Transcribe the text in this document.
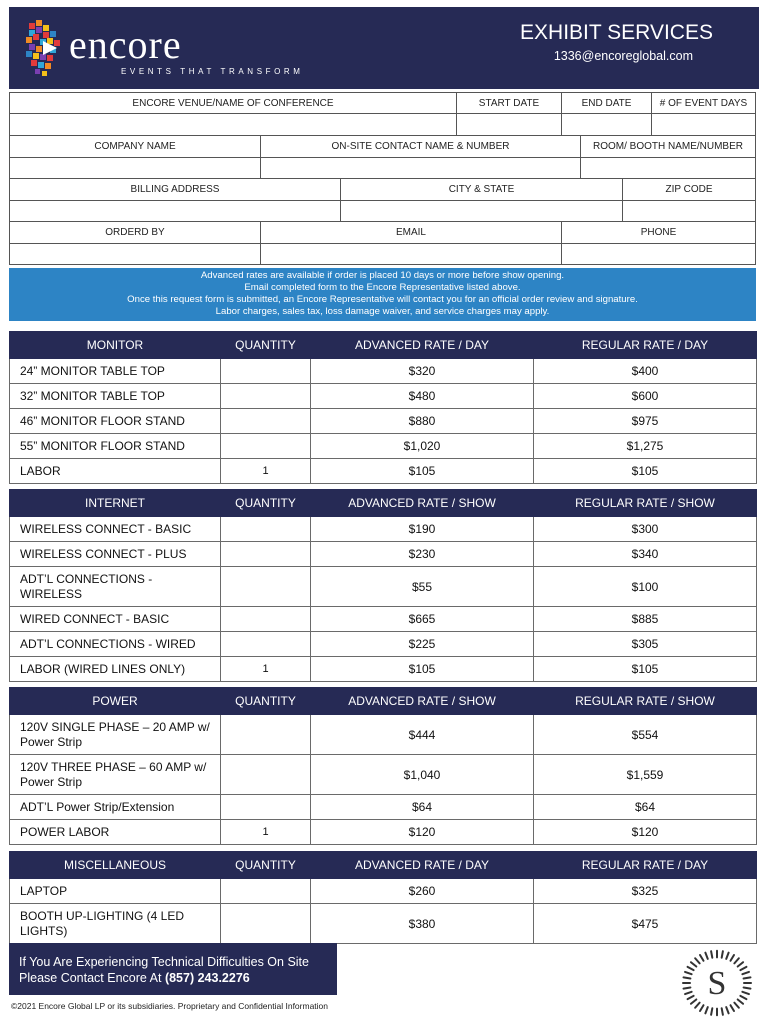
encore
EVENTS THAT TRANSFORM
EXHIBIT SERVICES
1336@encoreglobal.com
ENCORE VENUE/NAME OF CONFERENCE	START DATE	END DATE	# OF EVENT DAYS
COMPANY NAME	ON-SITE CONTACT NAME & NUMBER	ROOM/ BOOTH NAME/NUMBER
BILLING ADDRESS	CITY & STATE	ZIP CODE
ORDERD BY	EMAIL	PHONE
Advanced rates are available if order is placed 10 days or more before show opening.
Email completed form to the Encore Representative listed above.
Once this request form is submitted, an Encore Representative will contact you for an official order review and signature.
Labor charges, sales tax, loss damage waiver, and service charges may apply.
MONITOR	QUANTITY	ADVANCED RATE / DAY	REGULAR RATE / DAY
24” MONITOR TABLE TOP		$320	$400
32” MONITOR TABLE TOP		$480	$600
46” MONITOR FLOOR STAND		$880	$975
55” MONITOR FLOOR STAND		$1,020	$1,275
LABOR	1	$105	$105
INTERNET	QUANTITY	ADVANCED RATE / SHOW	REGULAR RATE / SHOW
WIRELESS CONNECT - BASIC		$190	$300
WIRELESS CONNECT - PLUS		$230	$340
ADT’L CONNECTIONS - WIRELESS		$55	$100
WIRED CONNECT - BASIC		$665	$885
ADT’L CONNECTIONS - WIRED		$225	$305
LABOR (WIRED LINES ONLY)	1	$105	$105
POWER	QUANTITY	ADVANCED RATE / SHOW	REGULAR RATE / SHOW
120V SINGLE PHASE – 20 AMP w/ Power Strip		$444	$554
120V THREE PHASE – 60 AMP w/ Power Strip		$1,040	$1,559
ADT’L Power Strip/Extension		$64	$64
POWER LABOR	1	$120	$120
MISCELLANEOUS	QUANTITY	ADVANCED RATE / DAY	REGULAR RATE / DAY
LAPTOP		$260	$325
BOOTH UP-LIGHTING (4 LED LIGHTS)		$380	$475
If You Are Experiencing Technical Difficulties On Site
Please Contact Encore At (857) 243.2276
©2021 Encore Global LP or its subsidiaries. Proprietary and Confidential Information
S
